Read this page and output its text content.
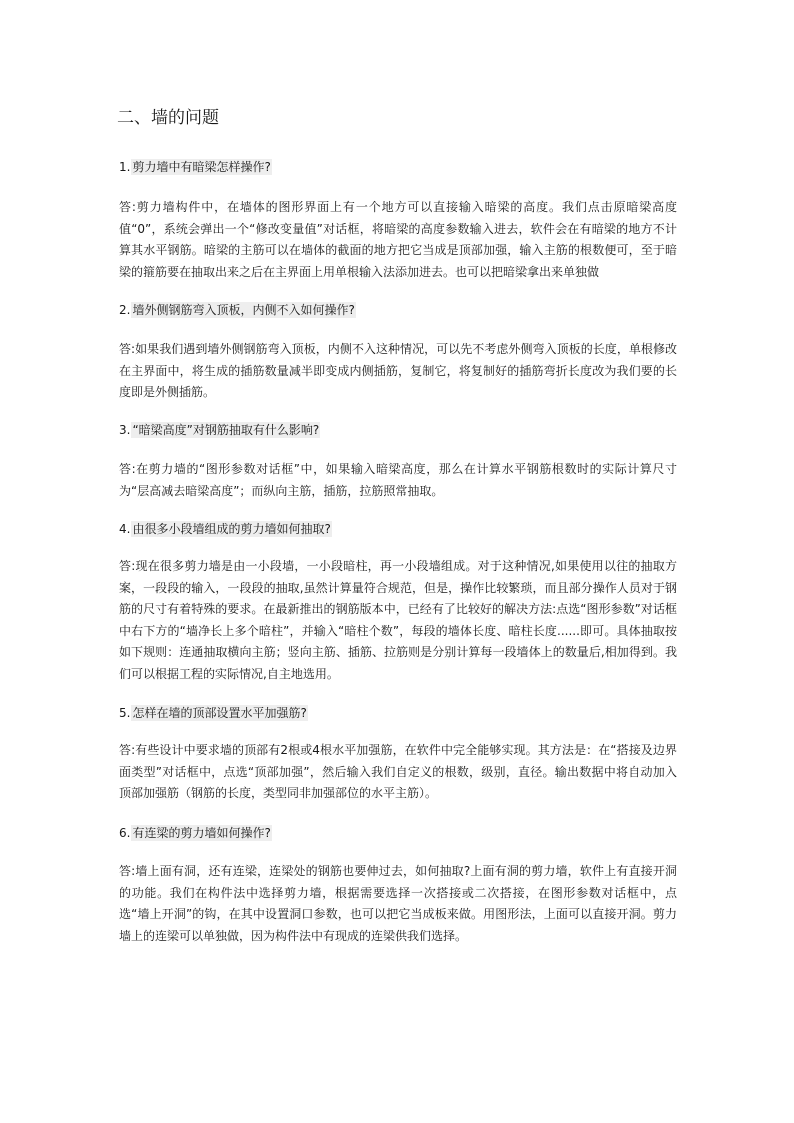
二、墙的问题
1. 剪力墙中有暗梁怎样操作?
答:剪力墙构件中，在墙体的图形界面上有一个地方可以直接输入暗梁的高度。我们点击原暗梁高度值“0”，系统会弹出一个“修改变量值”对话框，将暗梁的高度参数输入进去，软件会在有暗梁的地方不计算其水平钢筋。暗梁的主筋可以在墙体的截面的地方把它当成是顶部加强，输入主筋的根数便可，至于暗梁的箍筋要在抽取出来之后在主界面上用单根输入法添加进去。也可以把暗梁拿出来单独做
2. 墙外侧钢筋弯入顶板，内侧不入如何操作?
答:如果我们遇到墙外侧钢筋弯入顶板，内侧不入这种情况，可以先不考虑外侧弯入顶板的长度，单根修改在主界面中，将生成的插筋数量减半即变成内侧插筋，复制它，将复制好的插筋弯折长度改为我们要的长度即是外侧插筋。
3. “暗梁高度”对钢筋抽取有什么影响?
答:在剪力墙的“图形参数对话框”中，如果输入暗梁高度，那么在计算水平钢筋根数时的实际计算尺寸为“层高减去暗梁高度”；而纵向主筋，插筋，拉筋照常抽取。
4. 由很多小段墙组成的剪力墙如何抽取?
答:现在很多剪力墙是由一小段墙，一小段暗柱，再一小段墙组成。对于这种情况,如果使用以往的抽取方案，一段段的输入，一段段的抽取,虽然计算量符合规范，但是，操作比较繁琐，而且部分操作人员对于钢筋的尺寸有着特殊的要求。在最新推出的钢筋版本中，已经有了比较好的解决方法:点选“图形参数”对话框中右下方的“墙净长上多个暗柱”，并输入“暗柱个数”，每段的墙体长度、暗柱长度......即可。具体抽取按如下规则：连通抽取横向主筋；竖向主筋、插筋、拉筋则是分别计算每一段墙体上的数量后,相加得到。我们可以根据工程的实际情况,自主地选用。
5. 怎样在墙的顶部设置水平加强筋?
答:有些设计中要求墙的顶部有2根或4根水平加强筋，在软件中完全能够实现。其方法是：在“搭接及边界面类型”对话框中，点选“顶部加强”，然后输入我们自定义的根数，级别，直径。输出数据中将自动加入顶部加强筋（钢筋的长度，类型同非加强部位的水平主筋）。
6. 有连梁的剪力墙如何操作?
答:墙上面有洞，还有连梁，连梁处的钢筋也要伸过去，如何抽取?上面有洞的剪力墙，软件上有直接开洞的功能。我们在构件法中选择剪力墙，根据需要选择一次搭接或二次搭接，在图形参数对话框中，点选“墙上开洞”的钩，在其中设置洞口参数，也可以把它当成板来做。用图形法，上面可以直接开洞。剪力墙上的连梁可以单独做，因为构件法中有现成的连梁供我们选择。
